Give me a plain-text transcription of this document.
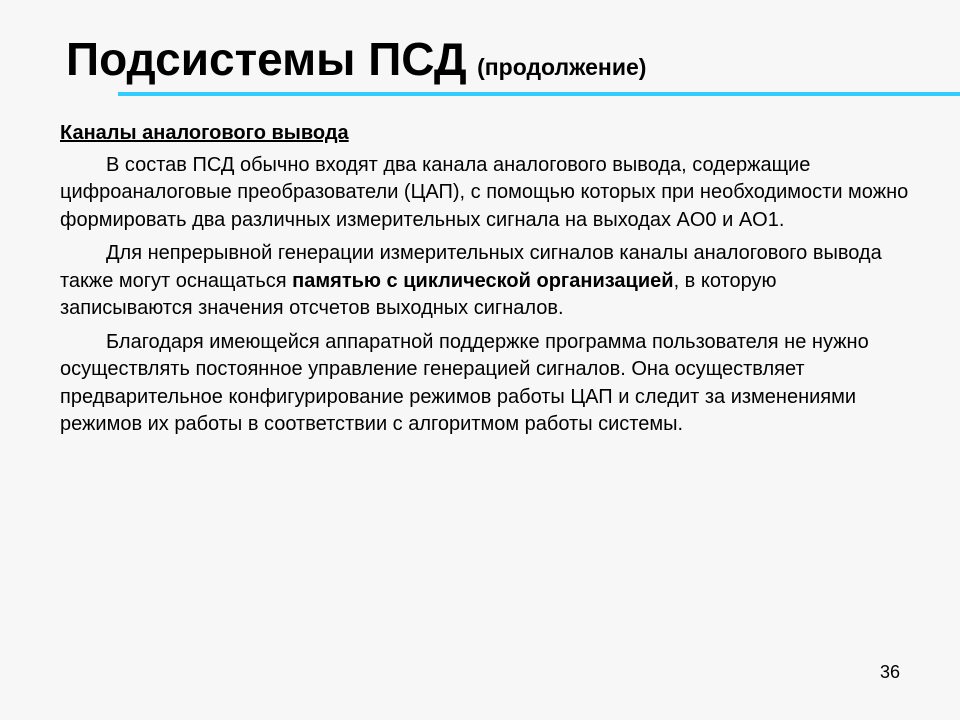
Подсистемы ПСД (продолжение)

Каналы аналогового вывода

В состав ПСД обычно входят два канала аналогового вывода, содержащие цифроаналоговые преобразователи (ЦАП), с помощью которых при необходимости можно формировать два различных измерительных сигнала на выходах AO0 и AO1.

Для непрерывной генерации измерительных сигналов каналы аналогового вывода также могут оснащаться памятью с циклической организацией, в которую записываются значения отсчетов выходных сигналов.

Благодаря имеющейся аппаратной поддержке программа пользователя не нужно осуществлять постоянное управление генерацией сигналов. Она осуществляет предварительное конфигурирование режимов работы ЦАП и следит за изменениями режимов их работы в соответствии с алгоритмом работы системы.

36
